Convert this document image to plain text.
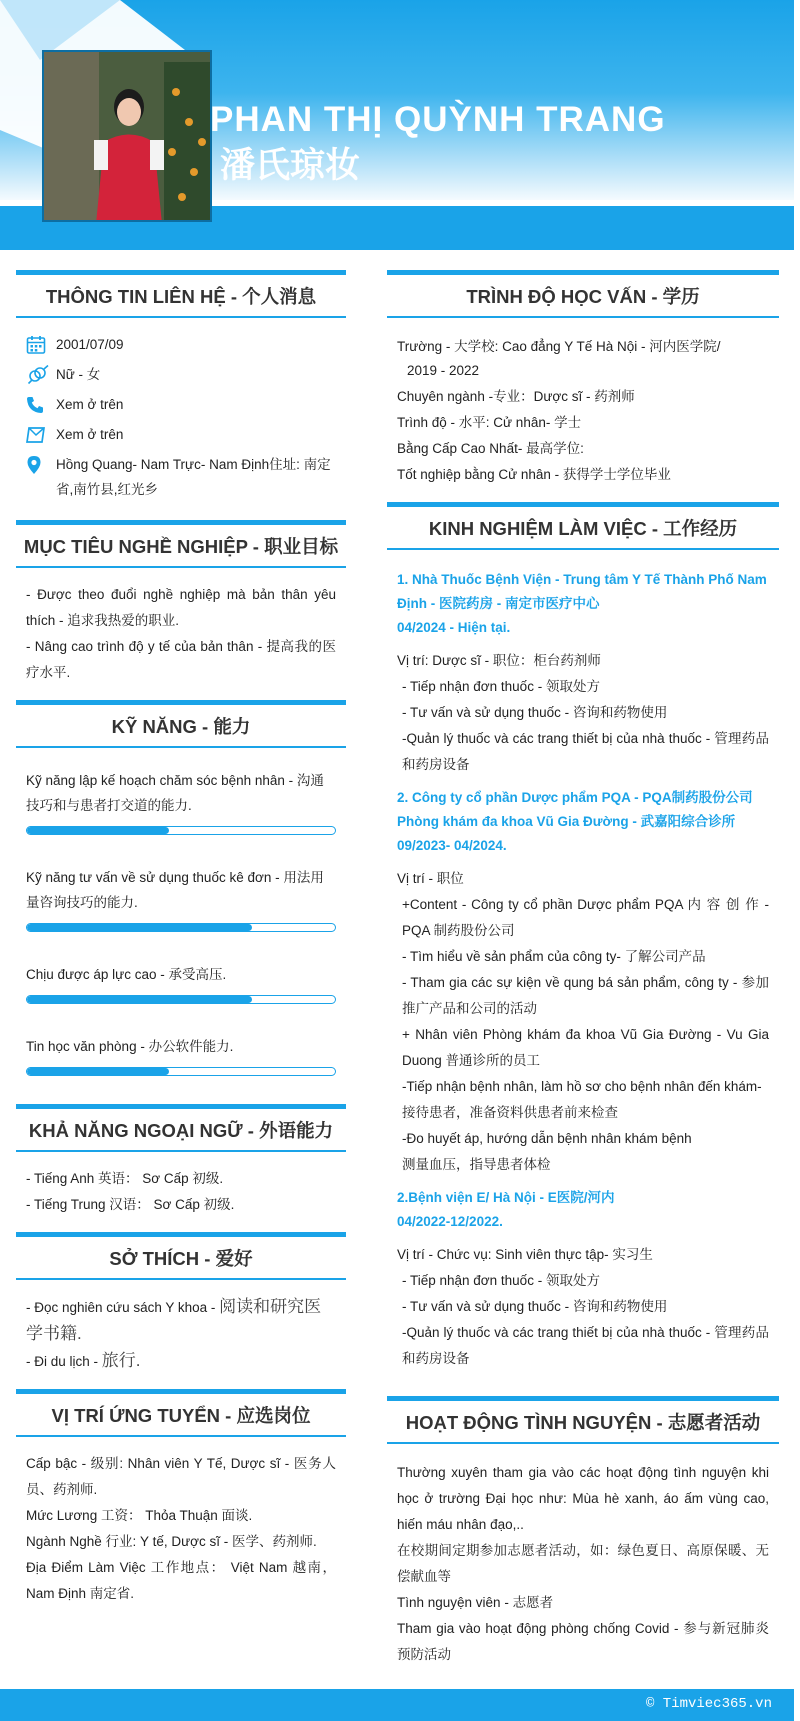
PHAN THỊ QUỲNH TRANG
潘氏琼妆
THÔNG TIN LIÊN HỆ - 个人消息
2001/07/09
Nữ - 女
Xem ở trên
Xem ở trên
Hồng Quang- Nam Trực- Nam Định住址: 南定省,南竹县,红光乡
MỤC TIÊU NGHỀ NGHIỆP - 职业目标

- Được theo đuổi nghề nghiệp mà bản thân yêu thích - 追求我热爱的职业.

- Nâng cao trình độ y tế của bản thân - 提高我的医疗水平.

KỸ NĂNG - 能力
Kỹ năng lập kế hoạch chăm sóc bệnh nhân - 沟通技巧和与患者打交道的能力.
Kỹ năng tư vấn về sử dụng thuốc kê đơn - 用法用量咨询技巧的能力.
Chịu được áp lực cao - 承受高压.
Tin học văn phòng - 办公软件能力.
KHẢ NĂNG NGOẠI NGỮ - 外语能力

- Tiếng Anh 英语： Sơ Cấp 初级.

- Tiếng Trung 汉语： Sơ Cấp 初级.

SỞ THÍCH - 爱好

- Đọc nghiên cứu sách Y khoa - 阅读和研究医学书籍.

- Đi du lịch - 旅行.

VỊ TRÍ ỨNG TUYỂN - 应选岗位

Cấp bậc - 级别: Nhân viên Y Tế, Dược sĩ - 医务人员、药剂师.

Mức Lương 工资： Thỏa Thuận 面谈.

Ngành Nghề 行业: Y tế, Dược sĩ - 医学、药剂师.

Địa Điểm Làm Việc 工作地点： Việt Nam 越南，Nam Định 南定省.

TRÌNH ĐỘ HỌC VẤN - 学历

Trường - 大学校: Cao đẳng Y Tế Hà Nội - 河内医学院/

2019 - 2022

Chuyên ngành -专业：Dược sĩ - 药剂师

Trình độ - 水平: Cử nhân- 学士

Bằng Cấp Cao Nhất- 最高学位:

Tốt nghiệp bằng Cử nhân - 获得学士学位毕业

KINH NGHIỆM LÀM VIỆC - 工作经历
1. Nhà Thuốc Bệnh Viện - Trung tâm Y Tế Thành Phố Nam Định - 医院药房 - 南定市医疗中心
04/2024 - Hiện tại.

Vị trí: Dược sĩ - 职位：柜台药剂师

- Tiếp nhận đơn thuốc - 领取处方

- Tư vấn và sử dụng thuốc - 咨询和药物使用

-Quản lý thuốc và các trang thiết bị của nhà thuốc - 管理药品和药房设备

2. Công ty cổ phần Dược phẩm PQA - PQA制药股份公司
Phòng khám đa khoa Vũ Gia Đường - 武嘉阳综合诊所
09/2023- 04/2024.

Vị trí - 职位

+Content - Công ty cổ phần Dược phẩm PQA 内 容 创 作 - PQA 制药股份公司

- Tìm hiểu về sản phẩm của công ty- 了解公司产品

- Tham gia các sự kiện về qung bá sản phẩm, công ty - 参加推广产品和公司的活动

+ Nhân viên Phòng khám đa khoa Vũ Gia Đường - Vu Gia Duong 普通诊所的员工

-Tiếp nhận bệnh nhân, làm hồ sơ cho bệnh nhân đến khám- 接待患者，准备资料供患者前来检查

-Đo huyết áp, hướng dẫn bệnh nhân khám bệnh

测量血压，指导患者体检

2.Bệnh viện E/ Hà Nội - E医院/河内
04/2022-12/2022.

Vị trí - Chức vụ: Sinh viên thực tập- 实习生

- Tiếp nhận đơn thuốc - 领取处方

- Tư vấn và sử dụng thuốc - 咨询和药物使用

-Quản lý thuốc và các trang thiết bị của nhà thuốc - 管理药品和药房设备

HOẠT ĐỘNG TÌNH NGUYỆN - 志愿者活动

Thường xuyên tham gia vào các hoạt động tình nguyện khi học ở trường Đại học như: Mùa hè xanh, áo ấm vùng cao, hiến máu nhân đạo,..

在校期间定期参加志愿者活动，如：绿色夏日、高原保暖、无偿献血等

Tình nguyện viên - 志愿者

Tham gia vào hoạt động phòng chống Covid - 参与新冠肺炎预防活动

© Timviec365.vn
